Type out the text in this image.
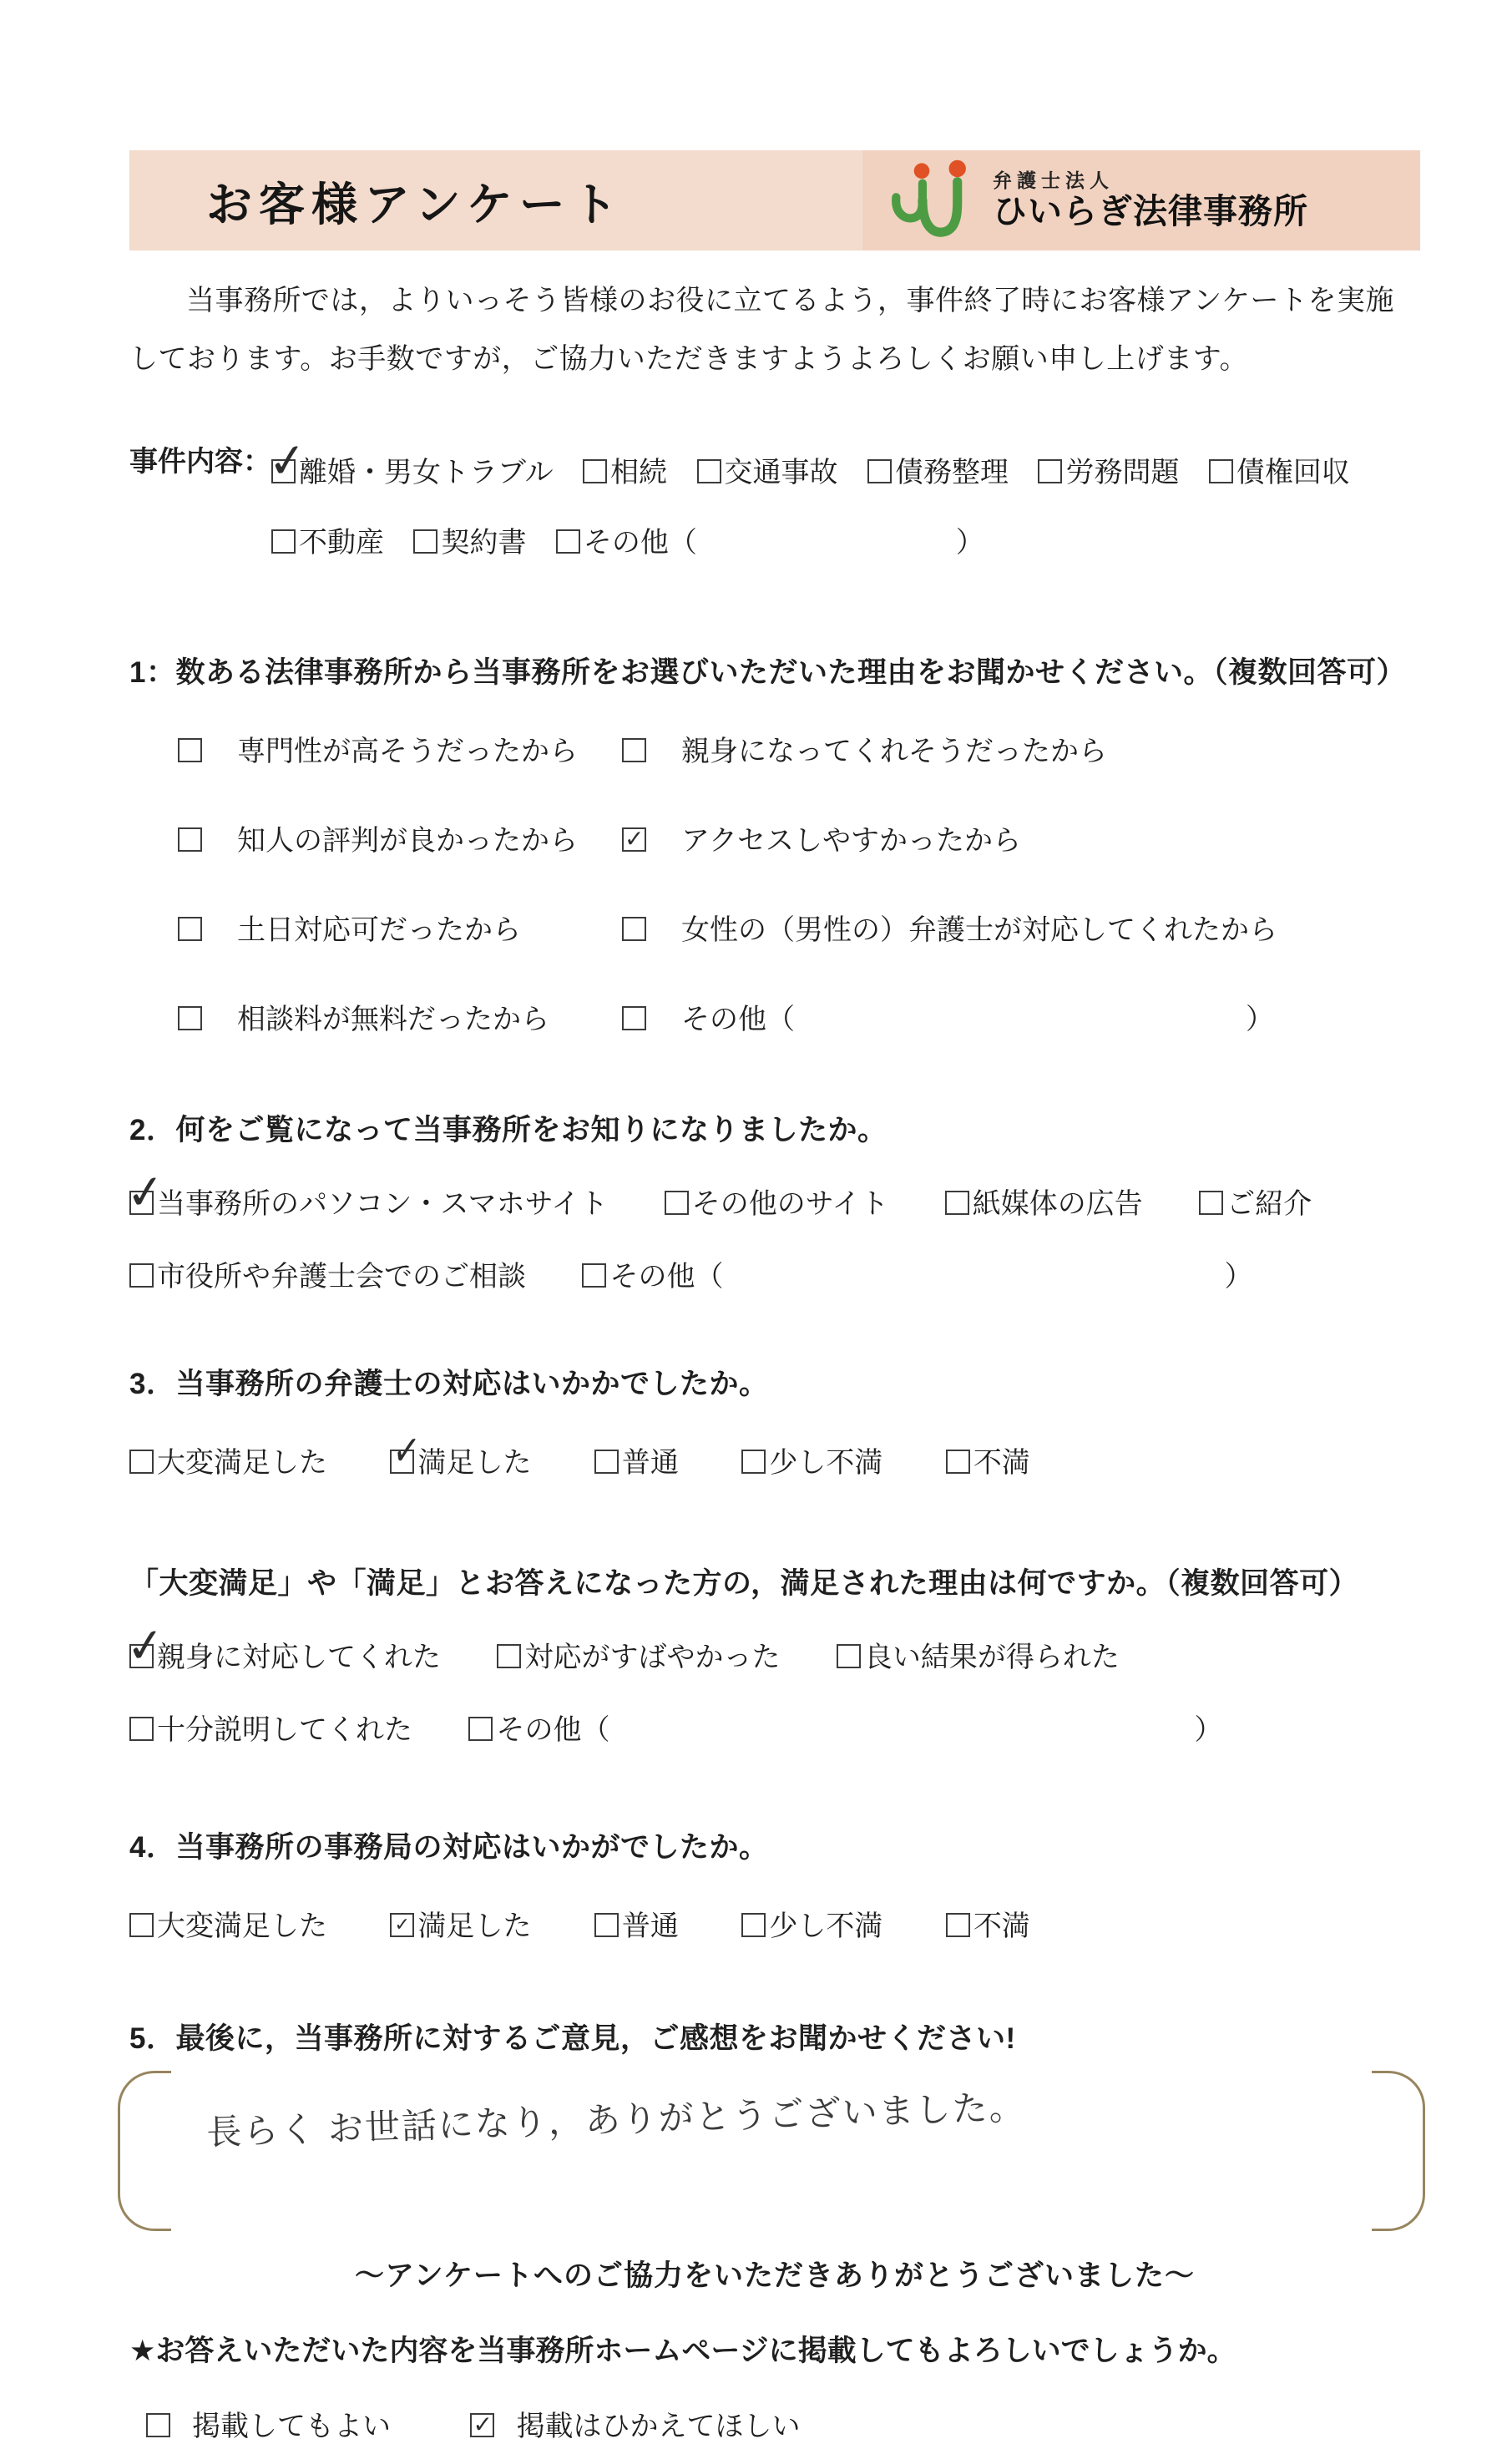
お客様アンケート	弁護士法人
ひいらぎ法律事務所

当事務所では，よりいっそう皆様のお役に立てるよう，事件終了時にお客様アンケートを実施しております。お手数ですが，ご協力いただきますようよろしくお願い申し上げます。

事件内容： ✓ 離婚・男女トラブル 相続 交通事故 債務整理 労務問題 債権回収 不動産 契約書 その他（	）
1：数ある法律事務所から当事務所をお選びいただいた理由をお聞かせください。（複数回答可）
専門性が高そうだったから	親身になってくれそうだったから
知人の評判が良かったから ✓	アクセスしやすかったから
土日対応可だったから	女性の（男性の）弁護士が対応してくれたから
相談料が無料だったから	その他（	）
2．何をご覧になって当事務所をお知りになりましたか。
✓当事務所のパソコン・スマホサイト	その他のサイト	紙媒体の広告	ご紹介
市役所や弁護士会でのご相談	その他（	）
3．当事務所の弁護士の対応はいかかでしたか。
大変満足した ✓	満足した	普通	少し不満	不満
「大変満足」や「満足」とお答えになった方の，満足された理由は何ですか。（複数回答可）
✓親身に対応してくれた	対応がすばやかった	良い結果が得られた
十分説明してくれた	その他（	）
4．当事務所の事務局の対応はいかがでしたか。
大変満足した ✓	満足した	普通	少し不満	不満
5．最後に，当事務所に対するご意見，ご感想をお聞かせください!
長らく お世話になり，ありがとうございました。
～アンケートへのご協力をいただきありがとうございました～
★お答えいただいた内容を当事務所ホームページに掲載してもよろしいでしょうか。
掲載してもよい ✓	掲載はひかえてほしい
